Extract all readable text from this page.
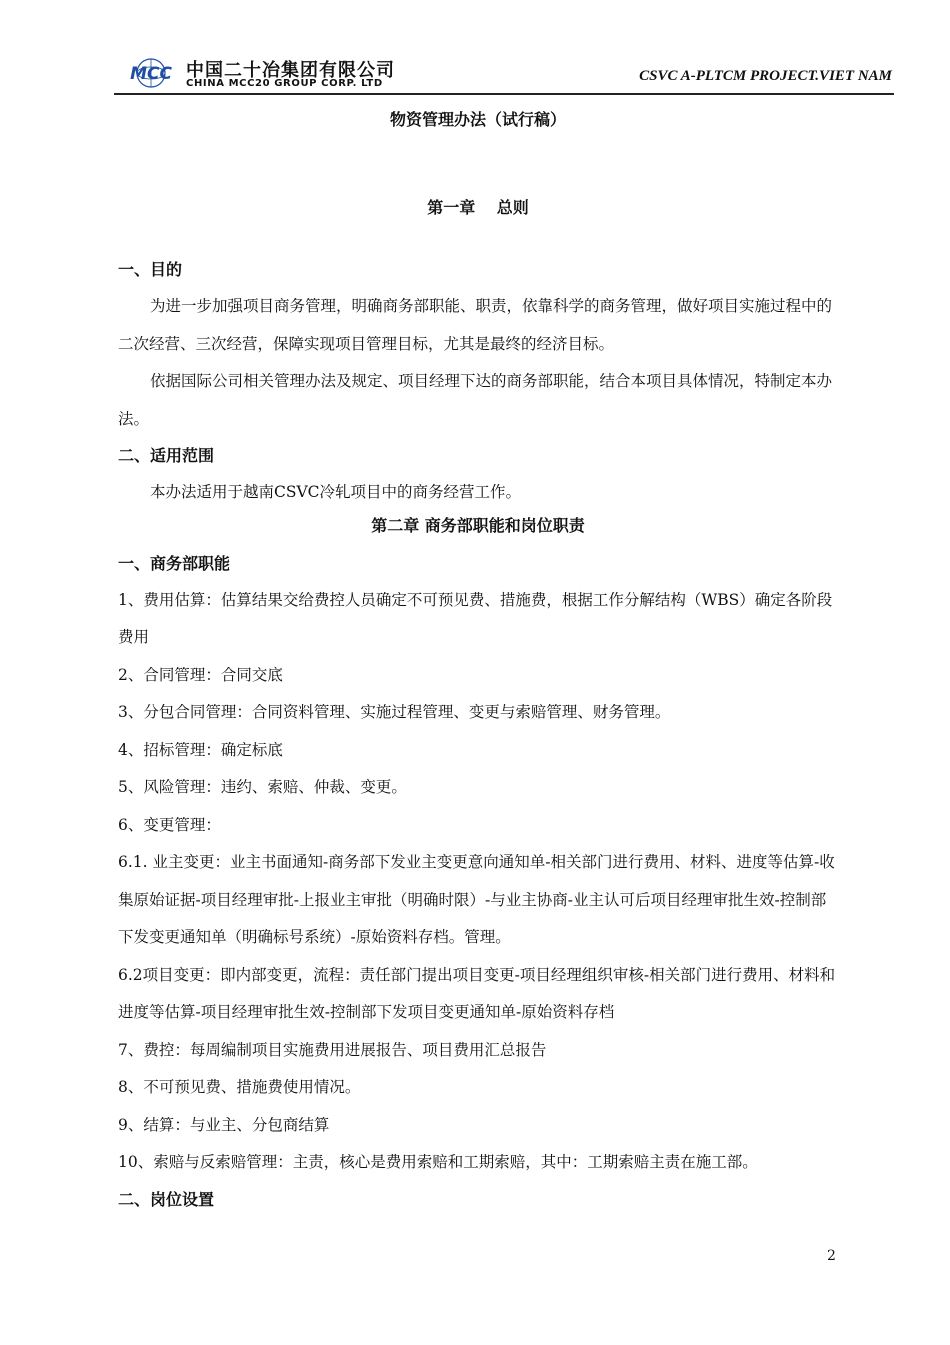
MCC 中国二十冶集团有限公司
CHINA MCC20 GROUP CORP. LTD	CSVC A-PLTCM PROJECT.VIET NAM
物资管理办法（试行稿）
第一章　 总则
一、目的

为进一步加强项目商务管理，明确商务部职能、职责，依靠科学的商务管理，做好项目实施过程中的二次经营、三次经营，保障实现项目管理目标，尤其是最终的经济目标。

依据国际公司相关管理办法及规定、项目经理下达的商务部职能，结合本项目具体情况，特制定本办法。

二、适用范围

本办法适用于越南CSVC冷轧项目中的商务经营工作。

第二章 商务部职能和岗位职责
一、商务部职能

1、费用估算：估算结果交给费控人员确定不可预见费、措施费，根据工作分解结构（WBS）确定各阶段费用

2、合同管理：合同交底

3、分包合同管理：合同资料管理、实施过程管理、变更与索赔管理、财务管理。

4、招标管理：确定标底

5、风险管理：违约、索赔、仲裁、变更。

6、变更管理：

6.1. 业主变更：业主书面通知-商务部下发业主变更意向通知单-相关部门进行费用、材料、进度等估算-收集原始证据-项目经理审批-上报业主审批（明确时限）-与业主协商-业主认可后项目经理审批生效-控制部下发变更通知单（明确标号系统）-原始资料存档。管理。

6.2项目变更：即内部变更，流程：责任部门提出项目变更-项目经理组织审核-相关部门进行费用、材料和进度等估算-项目经理审批生效-控制部下发项目变更通知单-原始资料存档

7、费控：每周编制项目实施费用进展报告、项目费用汇总报告

8、不可预见费、措施费使用情况。

9、结算：与业主、分包商结算

10、索赔与反索赔管理：主责，核心是费用索赔和工期索赔，其中：工期索赔主责在施工部。

二、岗位设置
2
